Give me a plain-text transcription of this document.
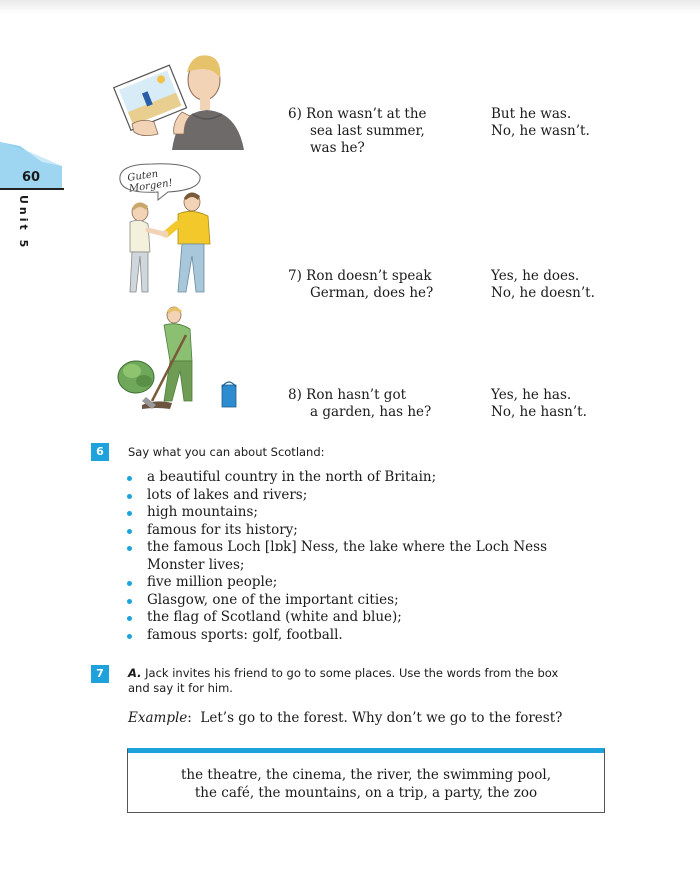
60
Unit 5
Guten Morgen!
6) Ron wasn’t at the
sea last summer,
was he?
But he was.
No, he wasn’t.
7) Ron doesn’t speak
German, does he?
Yes, he does.
No, he doesn’t.
8) Ron hasn’t got
a garden, has he?
Yes, he has.
No, he hasn’t.
6	Say what you can about Scotland:
a beautiful country in the north of Britain;
lots of lakes and rivers;
high mountains;
famous for its history;
the famous Loch [lɒk] Ness, the lake where the Loch Ness
Monster lives;
five million people;
Glasgow, one of the important cities;
the flag of Scotland (white and blue);
famous sports: golf, football.
7	A. Jack invites his friend to go to some places. Use the words from the box
and say it for him.
Example:  Let’s go to the forest. Why don’t we go to the forest?
the theatre, the cinema, the river, the swimming pool,
the café, the mountains, on a trip, a party, the zoo
